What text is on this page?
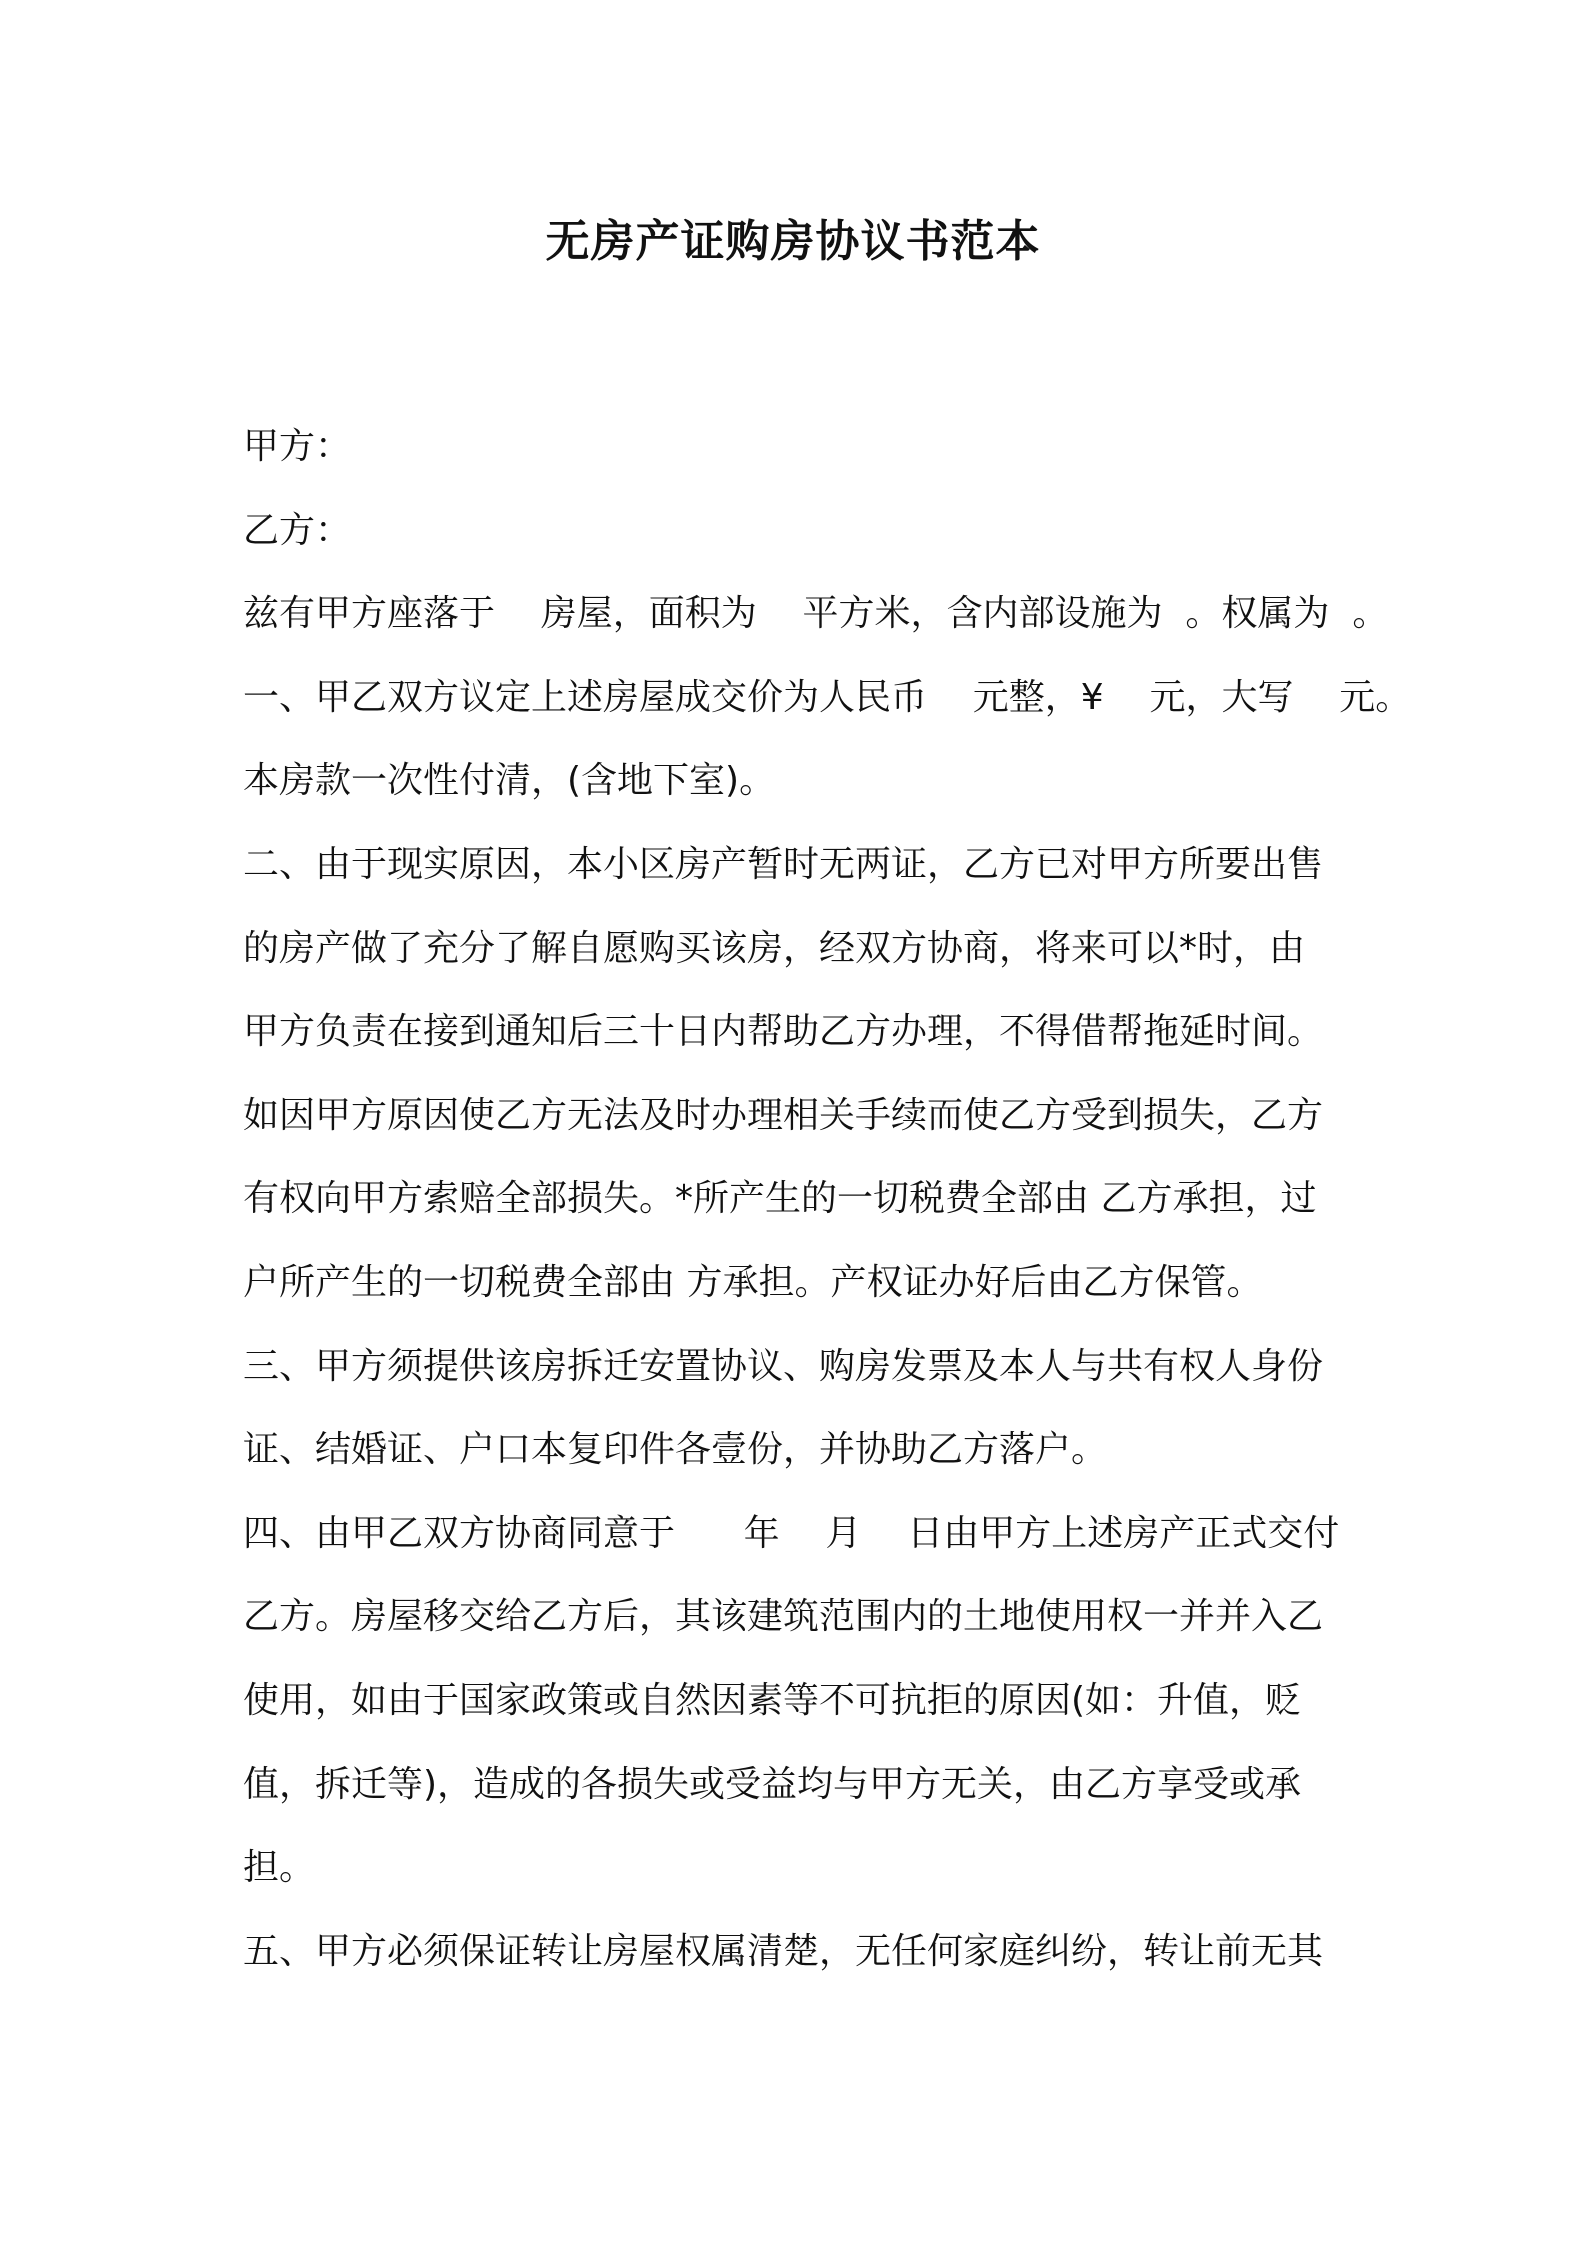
无房产证购房协议书范本
甲方：
乙方：
兹有甲方座落于    房屋，面积为    平方米，含内部设施为  。权属为  。
一、甲乙双方议定上述房屋成交价为人民币    元整，¥    元，大写    元。
本房款一次性付清，(含地下室)。
二、由于现实原因，本小区房产暂时无两证，乙方已对甲方所要出售
的房产做了充分了解自愿购买该房，经双方协商，将来可以*时，由
甲方负责在接到通知后三十日内帮助乙方办理，不得借帮拖延时间。
如因甲方原因使乙方无法及时办理相关手续而使乙方受到损失，乙方
有权向甲方索赔全部损失。*所产生的一切税费全部由 乙方承担，过
户所产生的一切税费全部由 方承担。产权证办好后由乙方保管。
三、甲方须提供该房拆迁安置协议、购房发票及本人与共有权人身份
证、结婚证、户口本复印件各壹份，并协助乙方落户。
四、由甲乙双方协商同意于      年    月    日由甲方上述房产正式交付
乙方。房屋移交给乙方后，其该建筑范围内的土地使用权一并并入乙
使用，如由于国家政策或自然因素等不可抗拒的原因(如：升值，贬
值，拆迁等)，造成的各损失或受益均与甲方无关，由乙方享受或承
担。
五、甲方必须保证转让房屋权属清楚，无任何家庭纠纷，转让前无其
